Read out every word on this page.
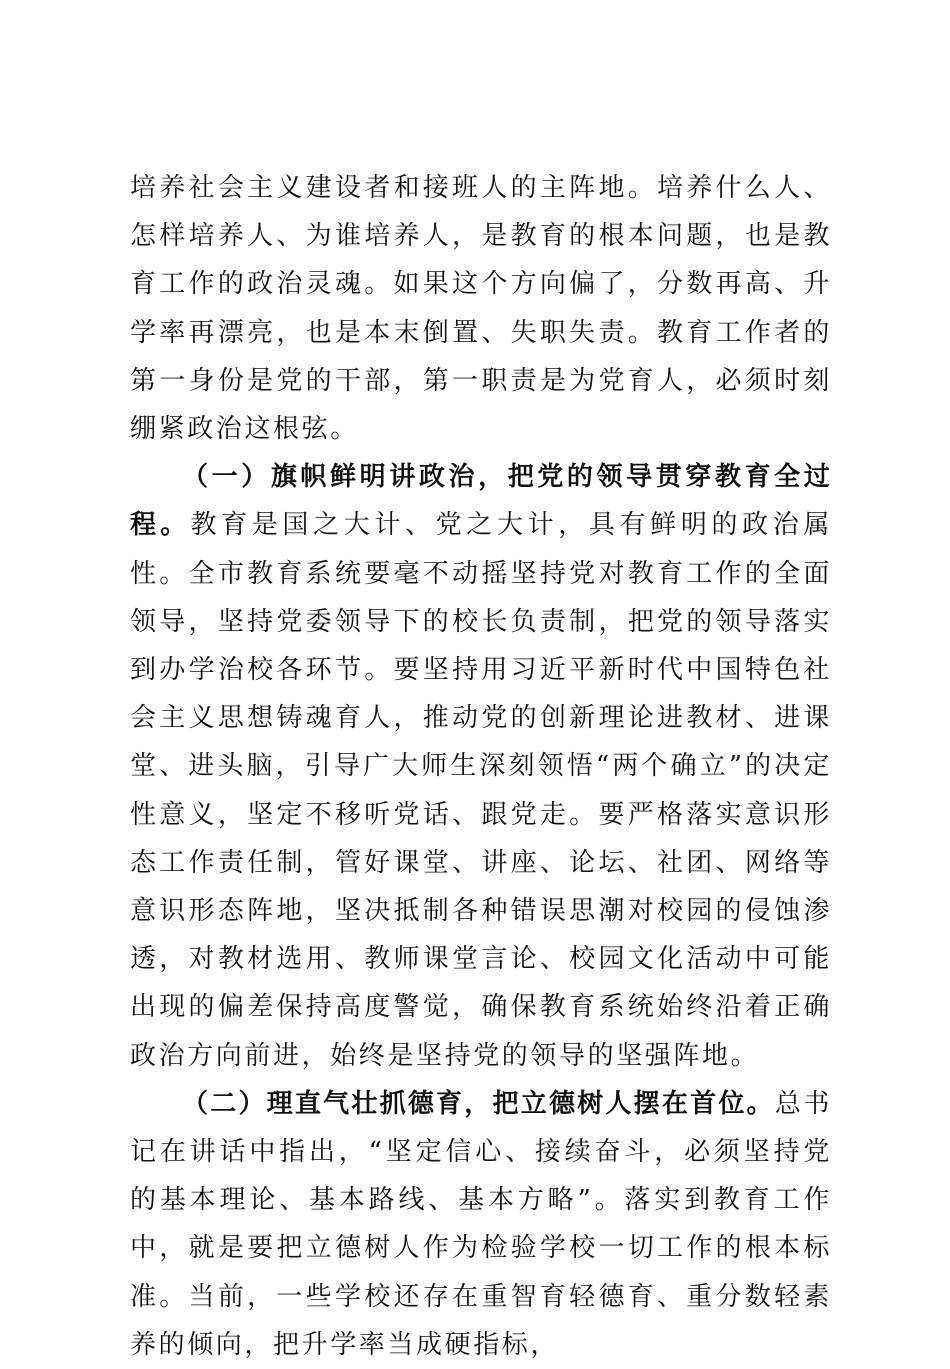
培养社会主义建设者和接班人的主阵地。培养什么人、怎样培养人、为谁培养人，是教育的根本问题，也是教育工作的政治灵魂。如果这个方向偏了，分数再高、升学率再漂亮，也是本末倒置、失职失责。教育工作者的第一身份是党的干部，第一职责是为党育人，必须时刻绷紧政治这根弦。

（一）旗帜鲜明讲政治，把党的领导贯穿教育全过程。教育是国之大计、党之大计，具有鲜明的政治属性。全市教育系统要毫不动摇坚持党对教育工作的全面领导，坚持党委领导下的校长负责制，把党的领导落实到办学治校各环节。要坚持用习近平新时代中国特色社会主义思想铸魂育人，推动党的创新理论进教材、进课堂、进头脑，引导广大师生深刻领悟“两个确立”的决定性意义，坚定不移听党话、跟党走。要严格落实意识形态工作责任制，管好课堂、讲座、论坛、社团、网络等意识形态阵地，坚决抵制各种错误思潮对校园的侵蚀渗透，对教材选用、教师课堂言论、校园文化活动中可能出现的偏差保持高度警觉，确保教育系统始终沿着正确政治方向前进，始终是坚持党的领导的坚强阵地。

（二）理直气壮抓德育，把立德树人摆在首位。总书记在讲话中指出，“坚定信心、接续奋斗，必须坚持党的基本理论、基本路线、基本方略”。落实到教育工作中，就是要把立德树人作为检验学校一切工作的根本标准。当前，一些学校还存在重智育轻德育、重分数轻素养的倾向，把升学率当成硬指标，
